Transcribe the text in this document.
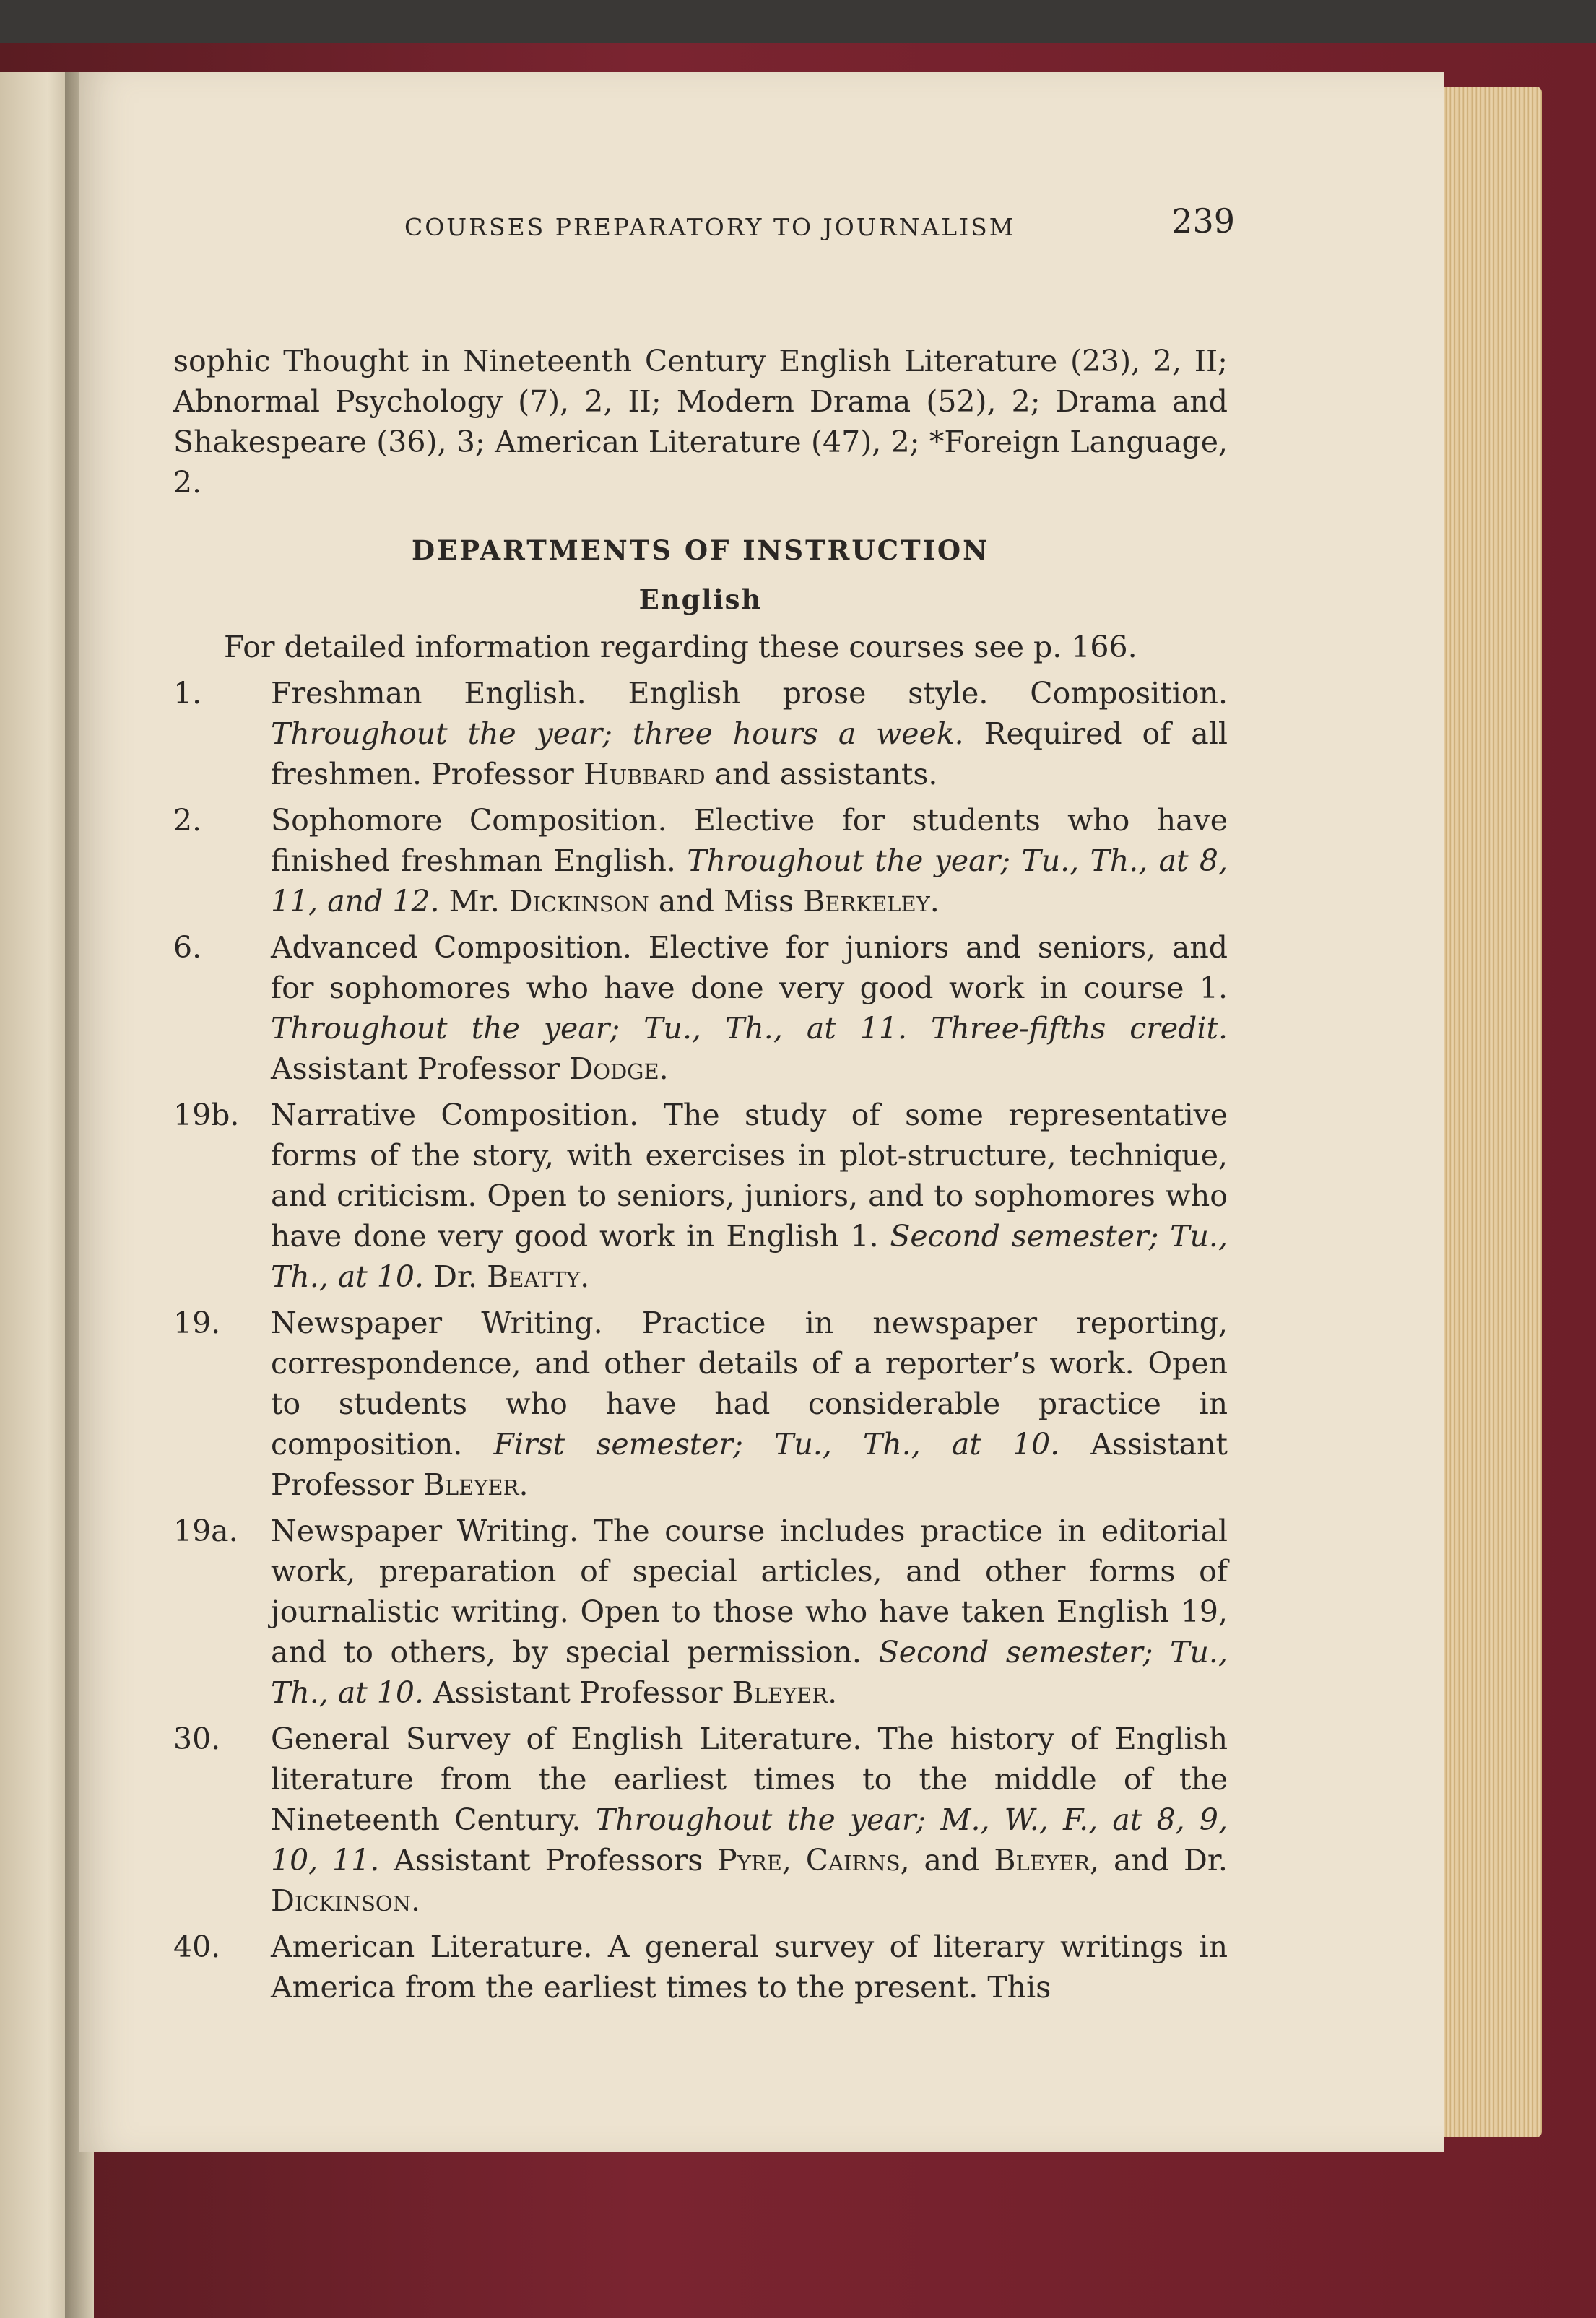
COURSES PREPARATORY TO JOURNALISM	239

sophic Thought in Nineteenth Century English Literature (23), 2, II; Abnormal Psychology (7), 2, II; Modern Drama (52), 2; Drama and Shakespeare (36), 3; American Literature (47), 2; *Foreign Language, 2.

DEPARTMENTS OF INSTRUCTION

English

For detailed information regarding these courses see p. 166.

1.	Freshman English. English prose style. Composition. Throughout the year; three hours a week. Required of all freshmen. Professor Hubbard and assistants.
2.	Sophomore Composition. Elective for students who have finished freshman English. Throughout the year; Tu., Th., at 8, 11, and 12. Mr. Dickinson and Miss Berkeley.
6.	Advanced Composition. Elective for juniors and seniors, and for sophomores who have done very good work in course 1. Throughout the year; Tu., Th., at 11. Three-fifths credit. Assistant Professor Dodge.
19b.	Narrative Composition. The study of some representative forms of the story, with exercises in plot-structure, technique, and criticism. Open to seniors, juniors, and to sophomores who have done very good work in English 1. Second semester; Tu., Th., at 10. Dr. Beatty.
19.	Newspaper Writing. Practice in newspaper reporting, correspondence, and other details of a reporter’s work. Open to students who have had considerable practice in composition. First semester; Tu., Th., at 10. Assistant Professor Bleyer.
19a.	Newspaper Writing. The course includes practice in editorial work, preparation of special articles, and other forms of journalistic writing. Open to those who have taken English 19, and to others, by special permission. Second semester; Tu., Th., at 10. Assistant Professor Bleyer.
30.	General Survey of English Literature. The history of English literature from the earliest times to the middle of the Nineteenth Century. Throughout the year; M., W., F., at 8, 9, 10, 11. Assistant Professors Pyre, Cairns, and Bleyer, and Dr. Dickinson.
40.	American Literature. A general survey of literary writings in America from the earliest times to the present. This
